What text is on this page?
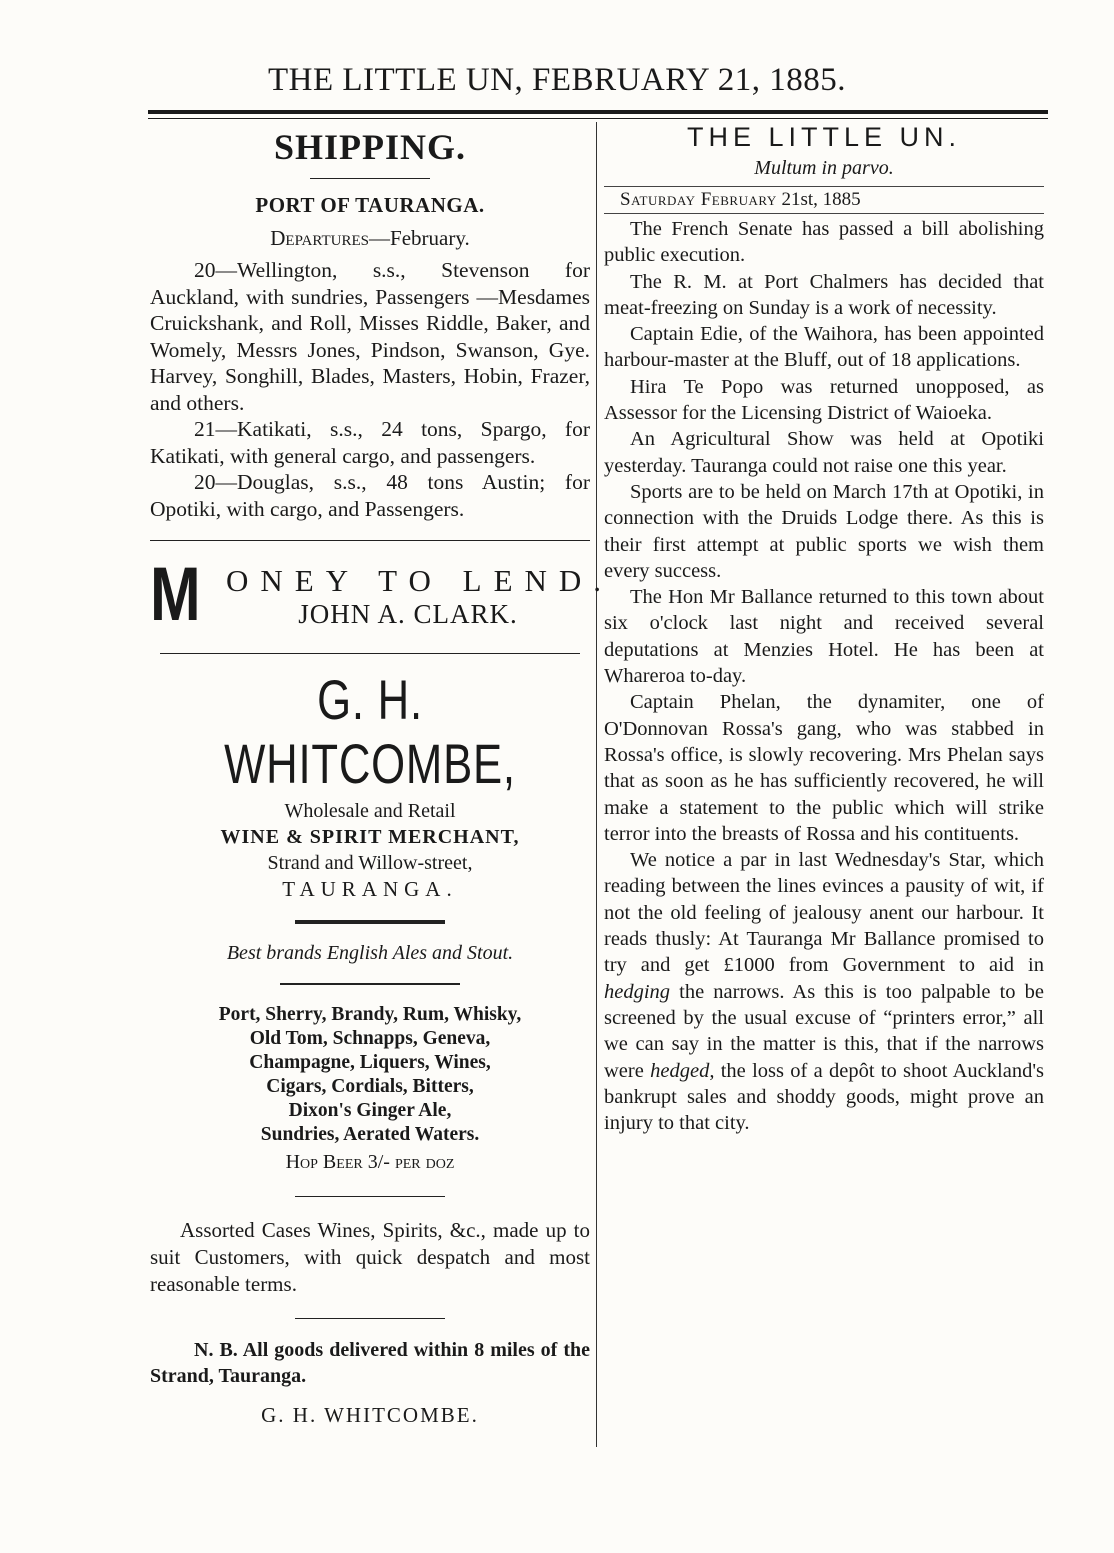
THE LITTLE UN, FEBRUARY 21, 1885.
SHIPPING.
PORT OF TAURANGA.
Departures—February.

20—Wellington, s.s., Stevenson for Auckland, with sundries, Passengers —Mesdames Cruickshank, and Roll, Misses Riddle, Baker, and Womely, Messrs Jones, Pindson, Swanson, Gye. Harvey, Songhill, Blades, Masters, Hobin, Frazer, and others.

21—Katikati, s.s., 24 tons, Spargo, for Katikati, with general cargo, and passengers.

20—Douglas, s.s., 48 tons Austin; for Opotiki, with cargo, and Passengers.

M ONEY TO LEND.
JOHN A. CLARK.
G. H. WHITCOMBE,
Wholesale and Retail
WINE & SPIRIT MERCHANT,
Strand and Willow-street,
TAURANGA.
Best brands English Ales and Stout.
Port, Sherry, Brandy, Rum, Whisky,
Old Tom, Schnapps, Geneva,
Champagne, Liquers, Wines,
Cigars, Cordials, Bitters,
Dixon's Ginger Ale,
Sundries, Aerated Waters.
Hop Beer 3/- per doz
Assorted Cases Wines, Spirits, &c., made up to suit Customers, with quick despatch and most reasonable terms.
N. B. All goods delivered within 8 miles of the Strand, Tauranga.
G. H. WHITCOMBE.
THE LITTLE UN.
Multum in parvo.
Saturday February 21st, 1885

The French Senate has passed a bill abolishing public execution.

The R. M. at Port Chalmers has decided that meat-freezing on Sunday is a work of necessity.

Captain Edie, of the Waihora, has been appointed harbour-master at the Bluff, out of 18 applications.

Hira Te Popo was returned unopposed, as Assessor for the Licensing District of Waioeka.

An Agricultural Show was held at Opotiki yesterday. Tauranga could not raise one this year.

Sports are to be held on March 17th at Opotiki, in connection with the Druids Lodge there. As this is their first attempt at public sports we wish them every success.

The Hon Mr Ballance returned to this town about six o'clock last night and received several deputations at Menzies Hotel. He has been at Whareroa to-day.

Captain Phelan, the dynamiter, one of O'Donnovan Rossa's gang, who was stabbed in Rossa's office, is slowly recovering. Mrs Phelan says that as soon as he has sufficiently recovered, he will make a statement to the public which will strike terror into the breasts of Rossa and his contituents.

We notice a par in last Wednesday's Star, which reading between the lines evinces a pausity of wit, if not the old feeling of jealousy anent our harbour. It reads thusly: At Tauranga Mr Ballance promised to try and get £1000 from Government to aid in hedging the narrows. As this is too palpable to be screened by the usual excuse of “printers error,” all we can say in the matter is this, that if the narrows were hedged, the loss of a depôt to shoot Auckland's bankrupt sales and shoddy goods, might prove an injury to that city.
